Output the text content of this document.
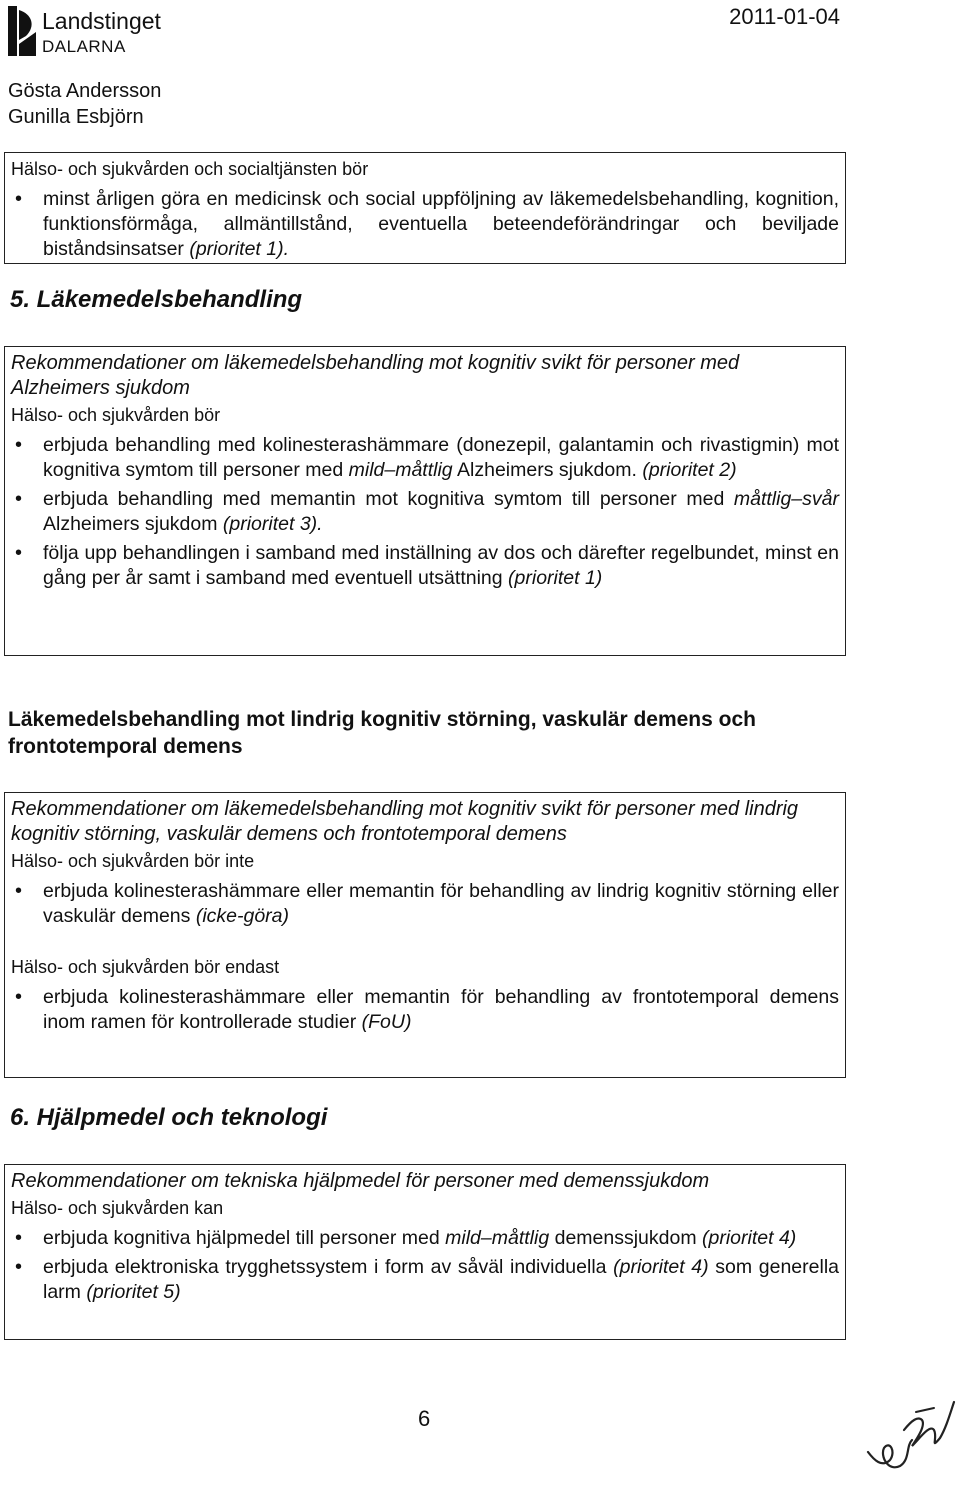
Landstinget
DALARNA
2011-01-04
Gösta Andersson
Gunilla Esbjörn

Hälso- och sjukvården och socialtjänsten bör

• minst årligen göra en medicinsk och social uppföljning av läkemedelsbehandling, kognition, funktionsförmåga, allmäntillstånd, eventuella beteendeförändringar och beviljade biståndsinsatser (prioritet 1).
5. Läkemedelsbehandling

Rekommendationer om läkemedelsbehandling mot kognitiv svikt för personer med Alzheimers sjukdom

Hälso- och sjukvården bör

• erbjuda behandling med kolinesterashämmare (donezepil, galantamin och rivastigmin) mot kognitiva symtom till personer med mild–måttlig Alzheimers sjukdom. (prioritet 2)
• erbjuda behandling med memantin mot kognitiva symtom till personer med måttlig–svår Alzheimers sjukdom (prioritet 3).
• följa upp behandlingen i samband med inställning av dos och därefter regelbundet, minst en gång per år samt i samband med eventuell utsättning (prioritet 1)
Läkemedelsbehandling mot lindrig kognitiv störning, vaskulär demens och frontotemporal demens

Rekommendationer om läkemedelsbehandling mot kognitiv svikt för personer med lindrig kognitiv störning, vaskulär demens och frontotemporal demens

Hälso- och sjukvården bör inte

• erbjuda kolinesterashämmare eller memantin för behandling av lindrig kognitiv störning eller vaskulär demens (icke-göra)

Hälso- och sjukvården bör endast

• erbjuda kolinesterashämmare eller memantin för behandling av frontotemporal demens inom ramen för kontrollerade studier (FoU)
6. Hjälpmedel och teknologi

Rekommendationer om tekniska hjälpmedel för personer med demenssjukdom

Hälso- och sjukvården kan

• erbjuda kognitiva hjälpmedel till personer med mild–måttlig demenssjukdom (prioritet 4)
• erbjuda elektroniska trygghetssystem i form av såväl individuella (prioritet 4) som generella larm (prioritet 5)
6
